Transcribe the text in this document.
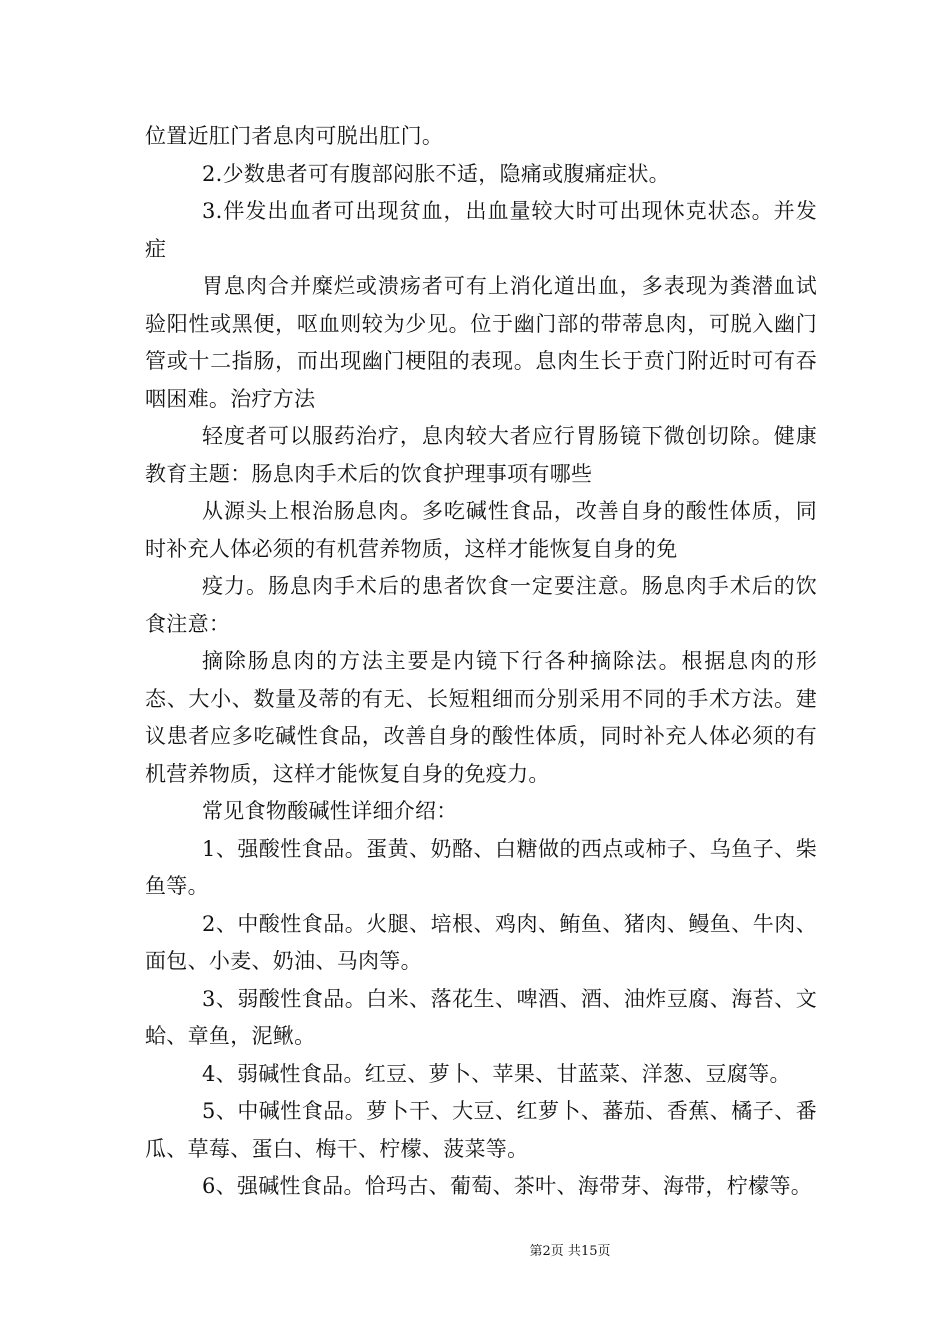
位置近肛门者息肉可脱出肛门。

2.少数患者可有腹部闷胀不适，隐痛或腹痛症状。

3.伴发出血者可出现贫血，出血量较大时可出现休克状态。并发症

胃息肉合并糜烂或溃疡者可有上消化道出血，多表现为粪潜血试验阳性或黑便，呕血则较为少见。位于幽门部的带蒂息肉，可脱入幽门管或十二指肠，而出现幽门梗阻的表现。息肉生长于贲门附近时可有吞咽困难。治疗方法

轻度者可以服药治疗，息肉较大者应行胃肠镜下微创切除。健康教育主题：肠息肉手术后的饮食护理事项有哪些

从源头上根治肠息肉。多吃碱性食品，改善自身的酸性体质，同时补充人体必须的有机营养物质，这样才能恢复自身的免

疫力。肠息肉手术后的患者饮食一定要注意。肠息肉手术后的饮食注意：

摘除肠息肉的方法主要是内镜下行各种摘除法。根据息肉的形态、大小、数量及蒂的有无、长短粗细而分别采用不同的手术方法。建议患者应多吃碱性食品，改善自身的酸性体质，同时补充人体必须的有机营养物质，这样才能恢复自身的免疫力。

常见食物酸碱性详细介绍：

1、强酸性食品。蛋黄、奶酪、白糖做的西点或柿子、乌鱼子、柴鱼等。

2、中酸性食品。火腿、培根、鸡肉、鲔鱼、猪肉、鳗鱼、牛肉、面包、小麦、奶油、马肉等。

3、弱酸性食品。白米、落花生、啤酒、酒、油炸豆腐、海苔、文蛤、章鱼，泥鳅。

4、弱碱性食品。红豆、萝卜、苹果、甘蓝菜、洋葱、豆腐等。

5、中碱性食品。萝卜干、大豆、红萝卜、蕃茄、香蕉、橘子、番瓜、草莓、蛋白、梅干、柠檬、菠菜等。

6、强碱性食品。恰玛古、葡萄、茶叶、海带芽、海带，柠檬等。

第2页 共15页
